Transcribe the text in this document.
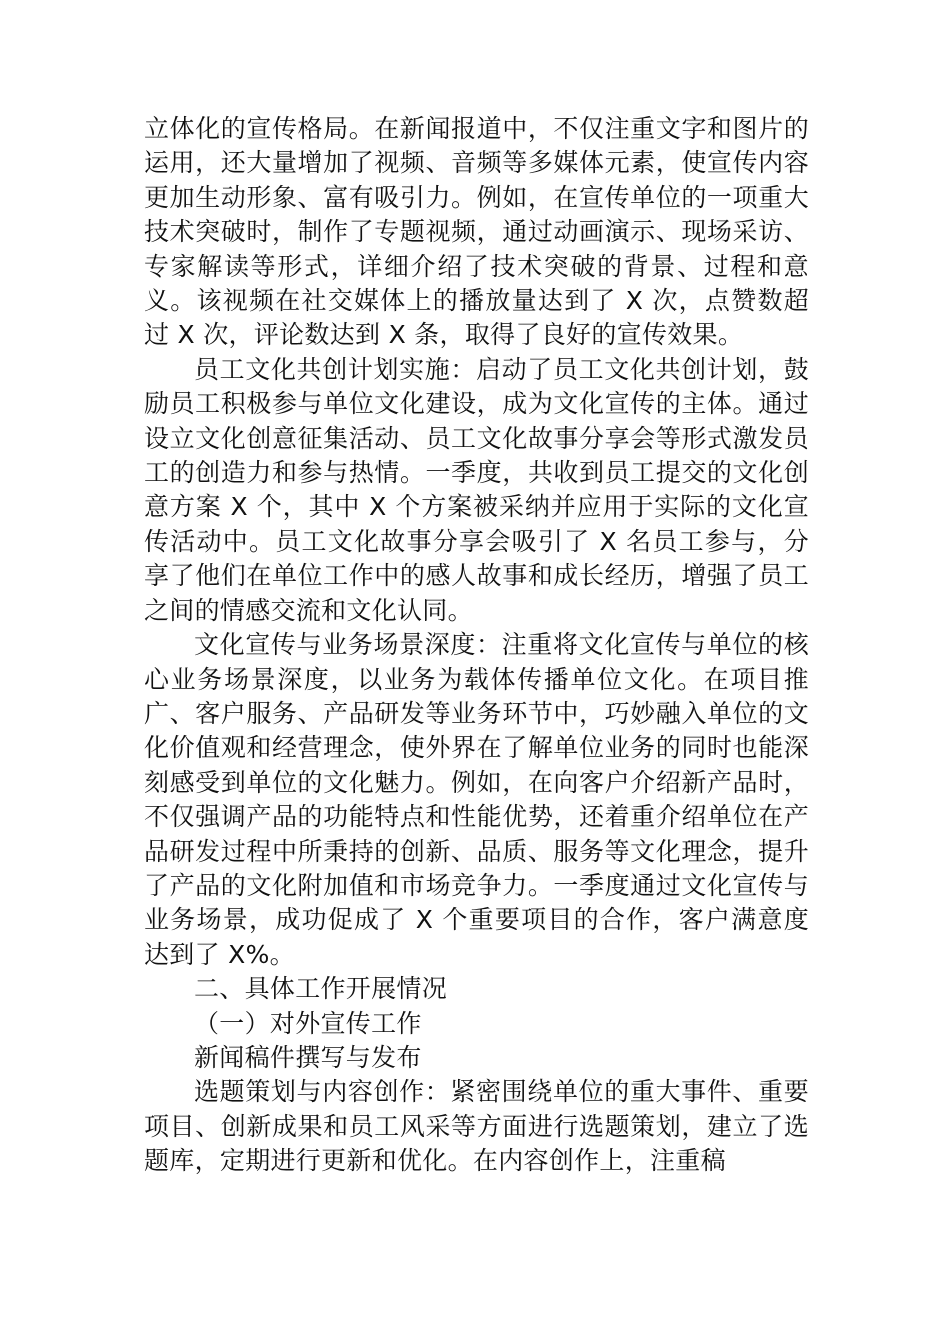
立体化的宣传格局。在新闻报道中，不仅注重文字和图片的运用，还大量增加了视频、音频等多媒体元素，使宣传内容更加生动形象、富有吸引力。例如，在宣传单位的一项重大技术突破时，制作了专题视频，通过动画演示、现场采访、专家解读等形式，详细介绍了技术突破的背景、过程和意义。该视频在社交媒体上的播放量达到了 X 次，点赞数超过 X 次，评论数达到 X 条，取得了良好的宣传效果。

员工文化共创计划实施：启动了员工文化共创计划，鼓励员工积极参与单位文化建设，成为文化宣传的主体。通过设立文化创意征集活动、员工文化故事分享会等形式激发员工的创造力和参与热情。一季度，共收到员工提交的文化创意方案 X 个，其中 X 个方案被采纳并应用于实际的文化宣传活动中。员工文化故事分享会吸引了 X 名员工参与，分享了他们在单位工作中的感人故事和成长经历，增强了员工之间的情感交流和文化认同。

文化宣传与业务场景深度：注重将文化宣传与单位的核心业务场景深度，以业务为载体传播单位文化。在项目推广、客户服务、产品研发等业务环节中，巧妙融入单位的文化价值观和经营理念，使外界在了解单位业务的同时也能深刻感受到单位的文化魅力。例如，在向客户介绍新产品时，不仅强调产品的功能特点和性能优势，还着重介绍单位在产品研发过程中所秉持的创新、品质、服务等文化理念，提升了产品的文化附加值和市场竞争力。一季度通过文化宣传与业务场景，成功促成了 X 个重要项目的合作，客户满意度达到了 X%。

二、具体工作开展情况

（一）对外宣传工作

新闻稿件撰写与发布

选题策划与内容创作：紧密围绕单位的重大事件、重要项目、创新成果和员工风采等方面进行选题策划，建立了选题库，定期进行更新和优化。在内容创作上，注重稿
